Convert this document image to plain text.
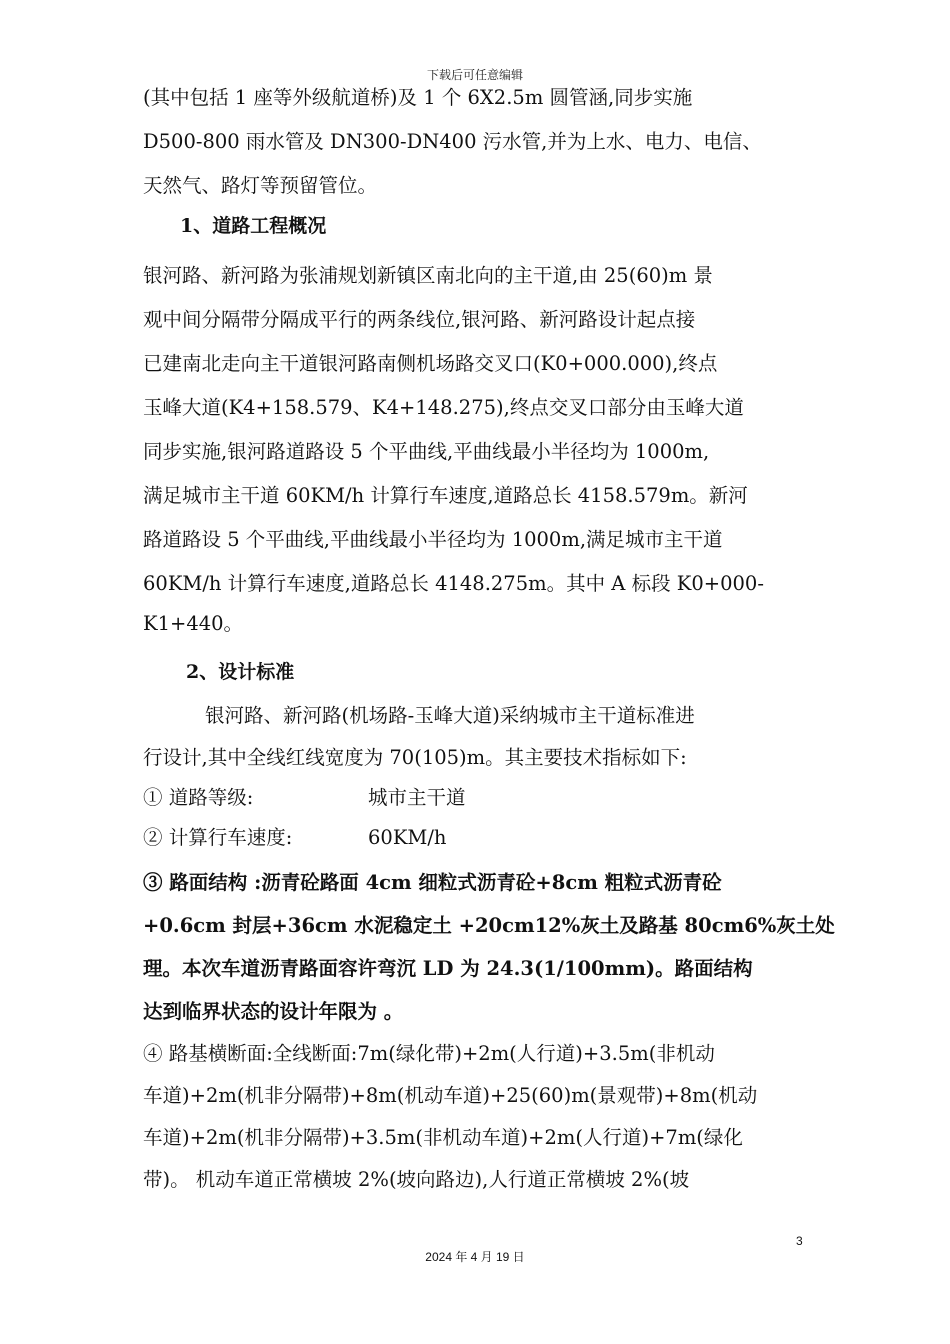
下载后可任意编辑
(其中包括 1 座等外级航道桥)及 1 个 6X2.5m 圆管涵,同步实施
D500-800 雨水管及 DN300-DN400 污水管,并为上水、电力、电信、
天然气、路灯等预留管位。
1、道路工程概况
银河路、新河路为张浦规划新镇区南北向的主干道,由 25(60)m 景
观中间分隔带分隔成平行的两条线位,银河路、新河路设计起点接
已建南北走向主干道银河路南侧机场路交叉口(K0+000.000),终点
玉峰大道(K4+158.579、K4+148.275),终点交叉口部分由玉峰大道
同步实施,银河路道路设 5 个平曲线,平曲线最小半径均为 1000m,
满足城市主干道 60KM/h 计算行车速度,道路总长 4158.579m。新河
路道路设 5 个平曲线,平曲线最小半径均为 1000m,满足城市主干道
60KM/h 计算行车速度,道路总长 4148.275m。其中 A 标段 K0+000-
K1+440。
2、设计标准
银河路、新河路(机场路-玉峰大道)采纳城市主干道标准进
行设计,其中全线红线宽度为 70(105)m。其主要技术指标如下:
① 道路等级:	城市主干道
② 计算行车速度:	60KM/h
③ 路面结构 :沥青砼路面 4cm 细粒式沥青砼+8cm 粗粒式沥青砼
+0.6cm 封层+36cm 水泥稳定土 +20cm12%灰土及路基 80cm6%灰土处
理。本次车道沥青路面容许弯沉 LD 为 24.3(1/100mm)。路面结构
达到临界状态的设计年限为 。
④ 路基横断面:全线断面:7m(绿化带)+2m(人行道)+3.5m(非机动
车道)+2m(机非分隔带)+8m(机动车道)+25(60)m(景观带)+8m(机动
车道)+2m(机非分隔带)+3.5m(非机动车道)+2m(人行道)+7m(绿化
带)。 机动车道正常横坡 2%(坡向路边),人行道正常横坡 2%(坡
3
2024 年 4 月 19 日
